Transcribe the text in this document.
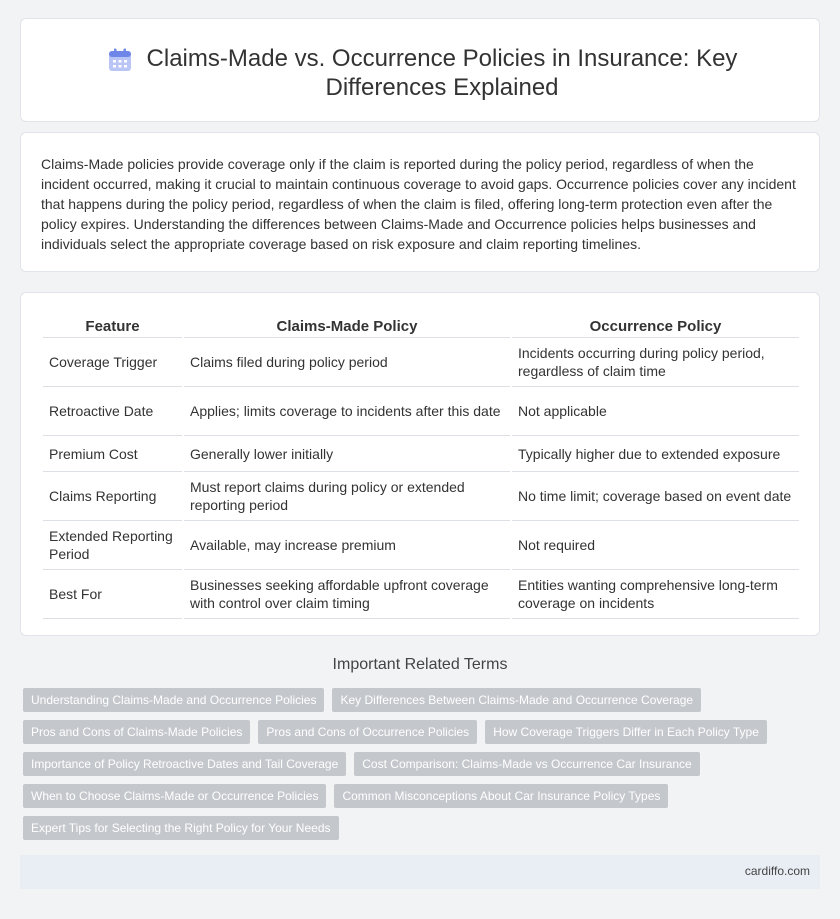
Claims-Made vs. Occurrence Policies in Insurance: Key Differences Explained

Claims-Made policies provide coverage only if the claim is reported during the policy period, regardless of when the incident occurred, making it crucial to maintain continuous coverage to avoid gaps. Occurrence policies cover any incident that happens during the policy period, regardless of when the claim is filed, offering long-term protection even after the policy expires. Understanding the differences between Claims-Made and Occurrence policies helps businesses and individuals select the appropriate coverage based on risk exposure and claim reporting timelines.

Feature	Claims-Made Policy	Occurrence Policy
Coverage Trigger	Claims filed during policy period	Incidents occurring during policy period, regardless of claim time
Retroactive Date	Applies; limits coverage to incidents after this date	Not applicable
Premium Cost	Generally lower initially	Typically higher due to extended exposure
Claims Reporting	Must report claims during policy or extended reporting period	No time limit; coverage based on event date
Extended Reporting Period	Available, may increase premium	Not required
Best For	Businesses seeking affordable upfront coverage with control over claim timing	Entities wanting comprehensive long-term coverage on incidents
Important Related Terms
Understanding Claims-Made and Occurrence Policies	Key Differences Between Claims-Made and Occurrence Coverage
Pros and Cons of Claims-Made Policies	Pros and Cons of Occurrence Policies	How Coverage Triggers Differ in Each Policy Type
Importance of Policy Retroactive Dates and Tail Coverage	Cost Comparison: Claims-Made vs Occurrence Car Insurance
When to Choose Claims-Made or Occurrence Policies	Common Misconceptions About Car Insurance Policy Types
Expert Tips for Selecting the Right Policy for Your Needs
cardiffo.com
